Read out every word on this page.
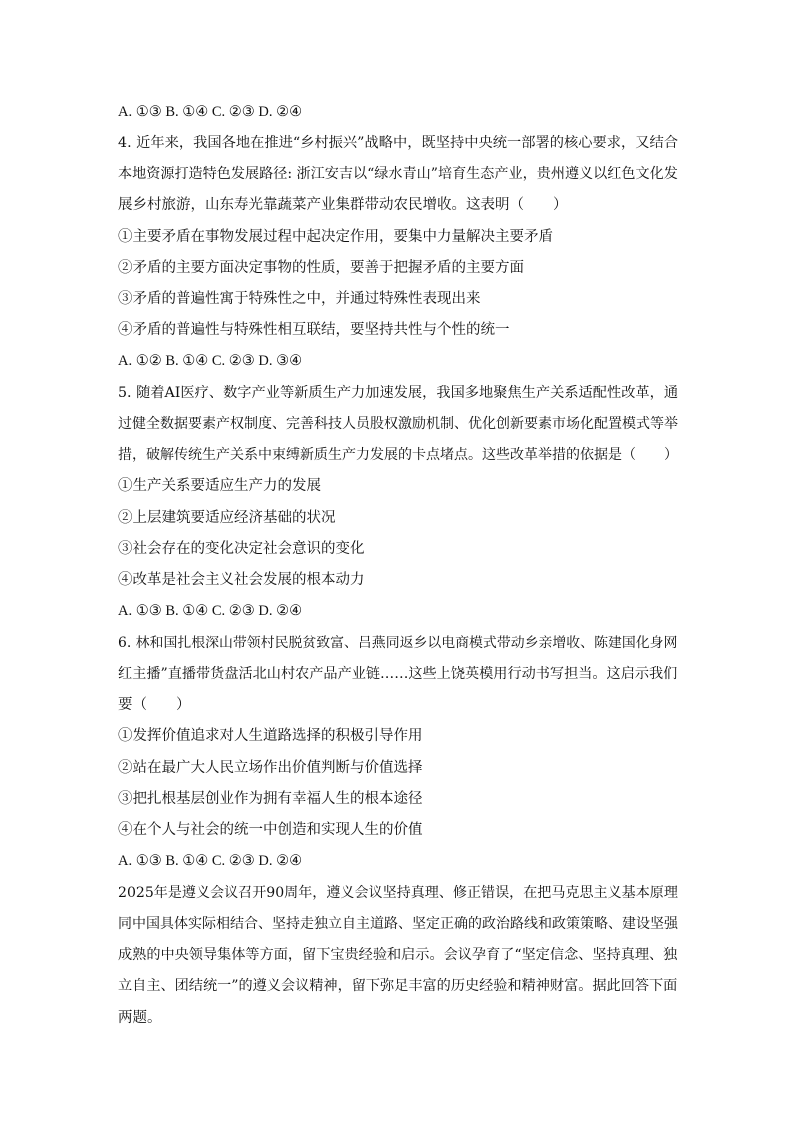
A. ①③ B. ①④ C. ②③ D. ②④
4. 近年来，我国各地在推进“乡村振兴”战略中，既坚持中央统一部署的核心要求，又结合
本地资源打造特色发展路径: 浙江安吉以“绿水青山”培育生态产业，贵州遵义以红色文化发
展乡村旅游，山东寿光靠蔬菜产业集群带动农民增收。这表明（　　）
①主要矛盾在事物发展过程中起决定作用，要集中力量解决主要矛盾
②矛盾的主要方面决定事物的性质，要善于把握矛盾的主要方面
③矛盾的普遍性寓于特殊性之中，并通过特殊性表现出来
④矛盾的普遍性与特殊性相互联结，要坚持共性与个性的统一
A. ①② B. ①④ C. ②③ D. ③④
5. 随着AI医疗、数字产业等新质生产力加速发展，我国多地聚焦生产关系适配性改革，通
过健全数据要素产权制度、完善科技人员股权激励机制、优化创新要素市场化配置模式等举
措，破解传统生产关系中束缚新质生产力发展的卡点堵点。这些改革举措的依据是（　　）
①生产关系要适应生产力的发展
②上层建筑要适应经济基础的状况
③社会存在的变化决定社会意识的变化
④改革是社会主义社会发展的根本动力
A. ①③ B. ①④ C. ②③ D. ②④
6. 林和国扎根深山带领村民脱贫致富、吕燕同返乡以电商模式带动乡亲增收、陈建国化身网
红主播”直播带货盘活北山村农产品产业链……这些上饶英模用行动书写担当。这启示我们
要（　　）
①发挥价值追求对人生道路选择的积极引导作用
②站在最广大人民立场作出价值判断与价值选择
③把扎根基层创业作为拥有幸福人生的根本途径
④在个人与社会的统一中创造和实现人生的价值
A. ①③ B. ①④ C. ②③ D. ②④
2025年是遵义会议召开90周年，遵义会议坚持真理、修正错误，在把马克思主义基本原理
同中国具体实际相结合、坚持走独立自主道路、坚定正确的政治路线和政策策略、建设坚强
成熟的中央领导集体等方面，留下宝贵经验和启示。会议孕育了“坚定信念、坚持真理、独
立自主、团结统一”的遵义会议精神，留下弥足丰富的历史经验和精神财富。据此回答下面
两题。
